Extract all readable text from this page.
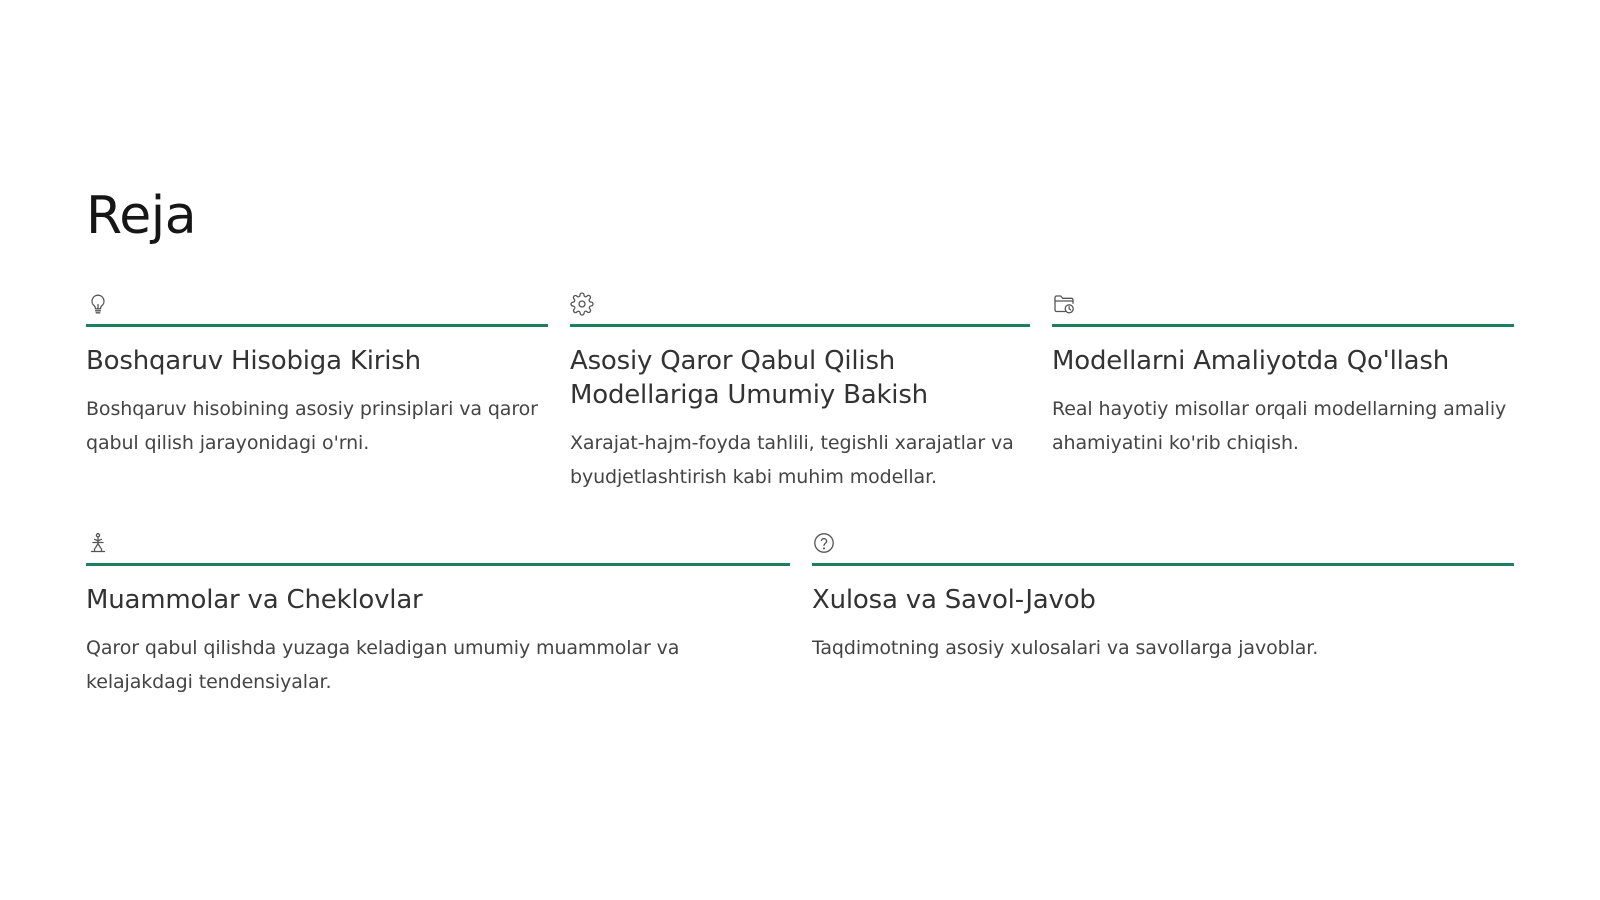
Reja
Boshqaruv Hisobiga Kirish

Boshqaruv hisobining asosiy prinsiplari va qaror qabul qilish jarayonidagi o'rni.

Asosiy Qaror Qabul Qilish Modellariga Umumiy Bakish

Xarajat-hajm-foyda tahlili, tegishli xarajatlar va byudjetlashtirish kabi muhim modellar.

Modellarni Amaliyotda Qo'llash

Real hayotiy misollar orqali modellarning amaliy ahamiyatini ko'rib chiqish.

Muammolar va Cheklovlar

Qaror qabul qilishda yuzaga keladigan umumiy muammolar va kelajakdagi tendensiyalar.

Xulosa va Savol-Javob

Taqdimotning asosiy xulosalari va savollarga javoblar.
